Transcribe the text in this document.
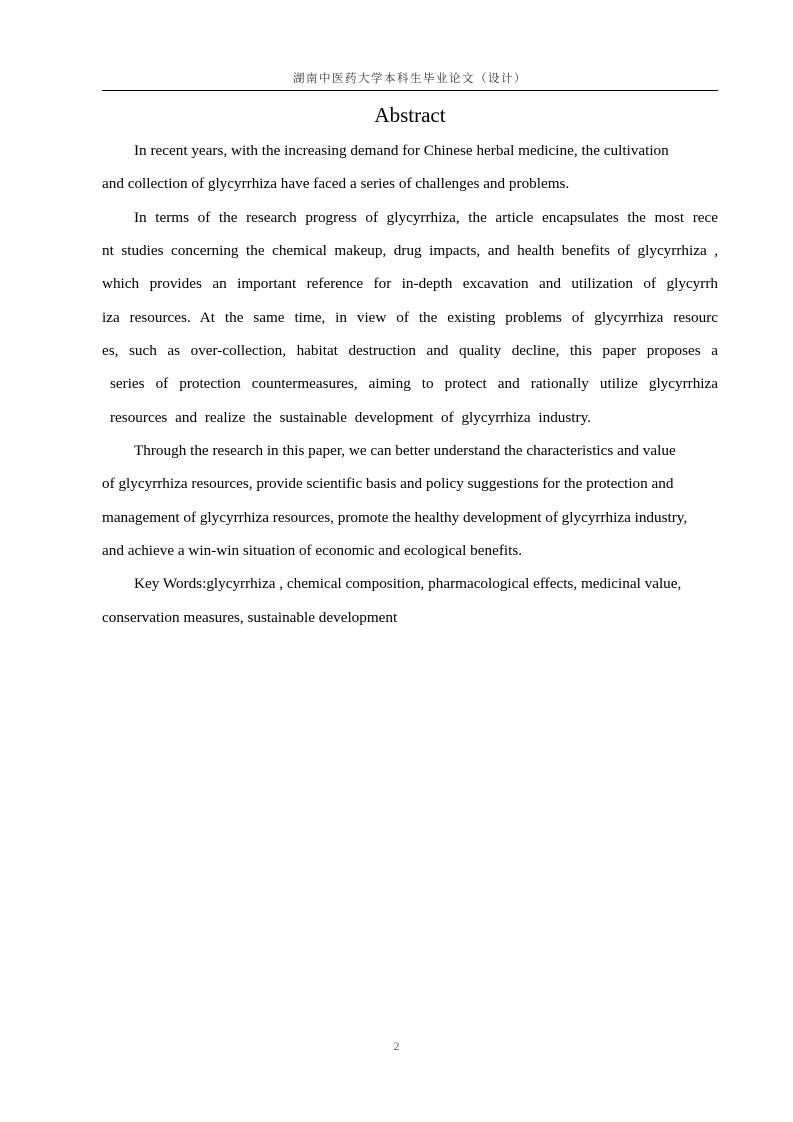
湖南中医药大学本科生毕业论文（设计）
Abstract
In recent years, with the increasing demand for Chinese herbal medicine, the cultivation
and collection of glycyrrhiza have faced a series of challenges and problems.
In terms of the research progress of glycyrrhiza, the article encapsulates the most rece
nt studies concerning the chemical makeup, drug impacts, and health benefits of glycyrrhiza ,
which provides an important reference for in-depth excavation and utilization of glycyrrh
iza resources. At the same time, in view of the existing problems of glycyrrhiza resourc
es, such as over-collection, habitat destruction and quality decline, this paper proposes a
series of protection countermeasures, aiming to protect and rationally utilize glycyrrhiza
resources and realize the sustainable development of glycyrrhiza industry.
Through the research in this paper, we can better understand the characteristics and value
of glycyrrhiza resources, provide scientific basis and policy suggestions for the protection and
management of glycyrrhiza resources, promote the healthy development of glycyrrhiza industry,
and achieve a win-win situation of economic and ecological benefits.
Key Words:glycyrrhiza , chemical composition, pharmacological effects, medicinal value,
conservation measures, sustainable development
2
